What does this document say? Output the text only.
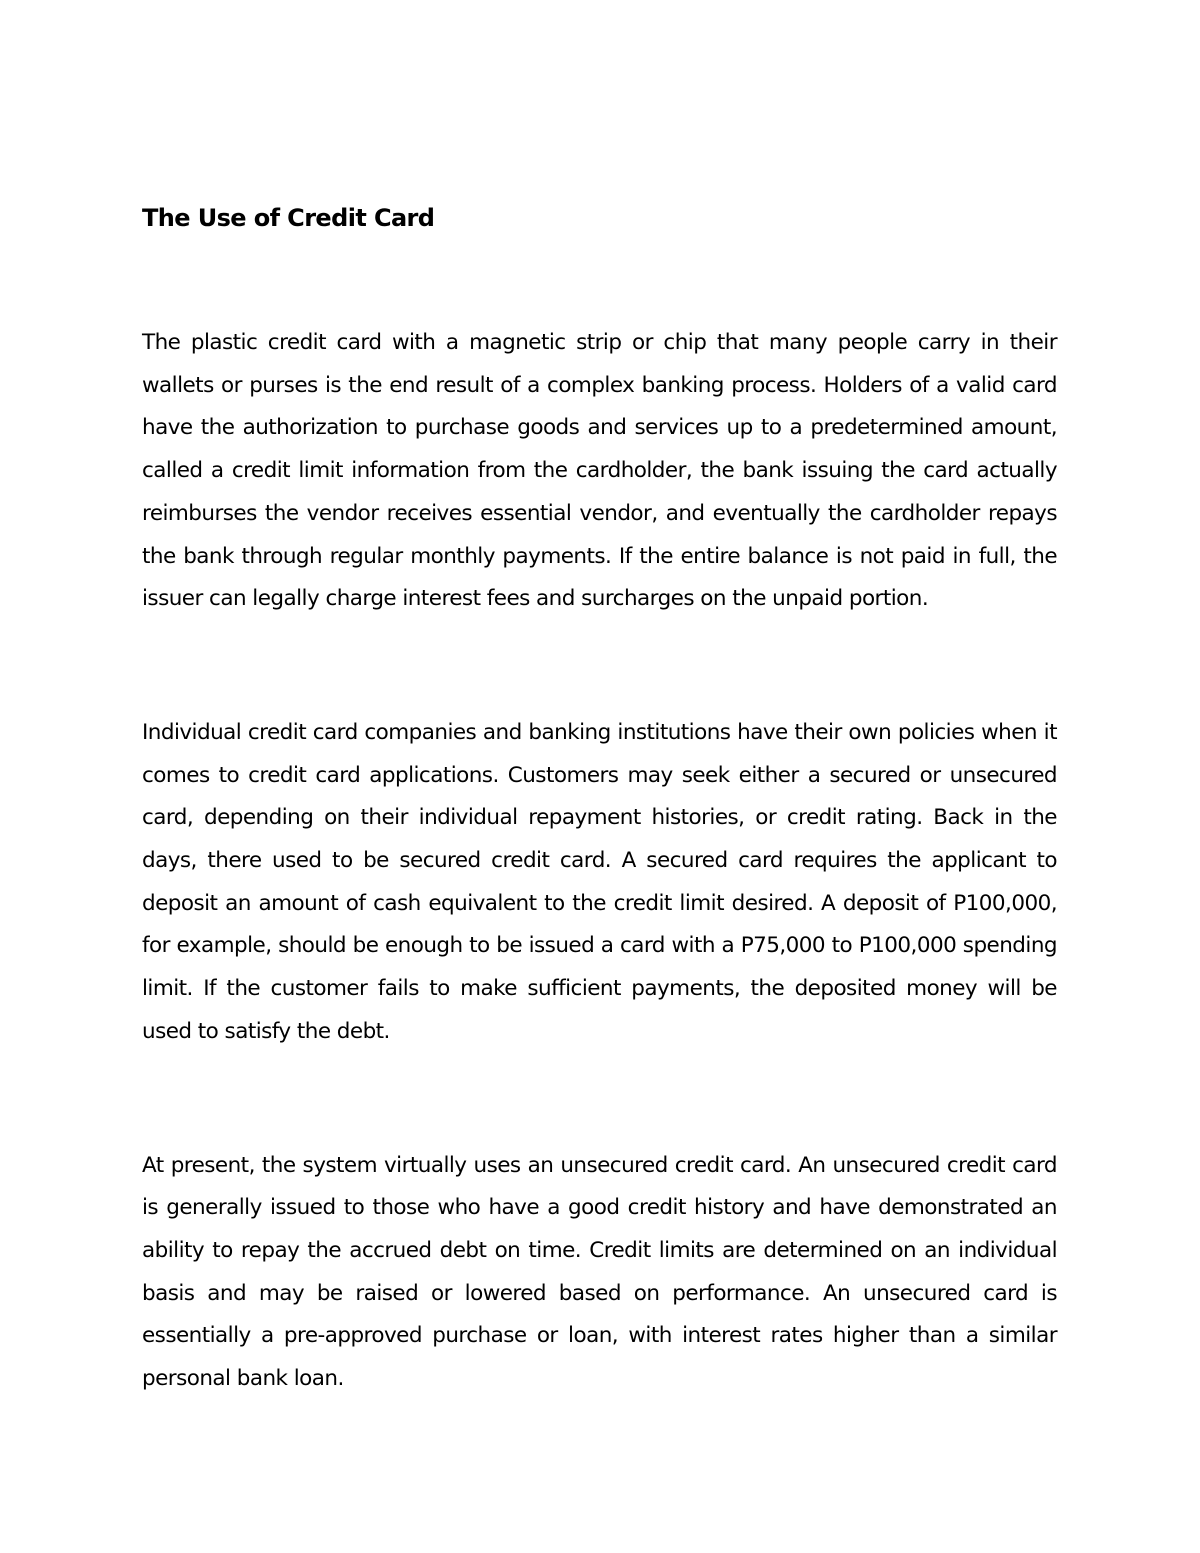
The Use of Credit Card

The plastic credit card with a magnetic strip or chip that many people carry in their wallets or purses is the end result of a complex banking process. Holders of a valid card have the authorization to purchase goods and services up to a predetermined amount, called a credit limit information from the cardholder, the bank issuing the card actually reimburses the vendor receives essential vendor, and eventually the cardholder repays the bank through regular monthly payments. If the entire balance is not paid in full, the issuer can legally charge interest fees and surcharges on the unpaid portion.

Individual credit card companies and banking institutions have their own policies when it comes to credit card applications. Customers may seek either a secured or unsecured card, depending on their individual repayment histories, or credit rating. Back in the days, there used to be secured credit card. A secured card requires the applicant to deposit an amount of cash equivalent to the credit limit desired. A deposit of P100,000, for example, should be enough to be issued a card with a P75,000 to P100,000 spending limit. If the customer fails to make sufficient payments, the deposited money will be used to satisfy the debt.

At present, the system virtually uses an unsecured credit card. An unsecured credit card is generally issued to those who have a good credit history and have demonstrated an ability to repay the accrued debt on time. Credit limits are determined on an individual basis and may be raised or lowered based on performance. An unsecured card is essentially a pre-approved purchase or loan, with interest rates higher than a similar personal bank loan.
